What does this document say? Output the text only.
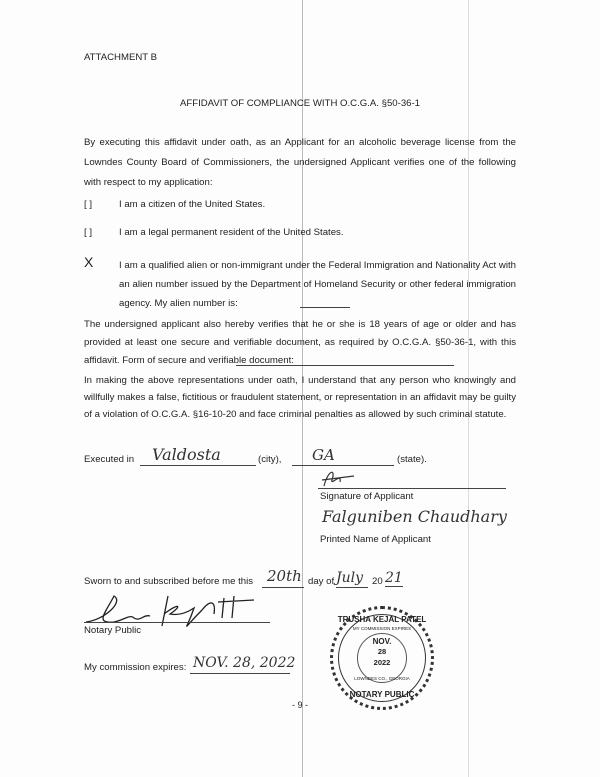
ATTACHMENT B
AFFIDAVIT OF COMPLIANCE WITH O.C.G.A. §50-36-1
By executing this affidavit under oath, as an Applicant for an alcoholic beverage license from the Lowndes County Board of Commissioners, the undersigned Applicant verifies one of the following with respect to my application:
[ ]	I am a citizen of the United States.
[ ]	I am a legal permanent resident of the United States.
X	I am a qualified alien or non-immigrant under the Federal Immigration and Nationality Act with an alien number issued by the Department of Homeland Security or other federal immigration agency. My alien number is:
The undersigned applicant also hereby verifies that he or she is 18 years of age or older and has provided at least one secure and verifiable document, as required by O.C.G.A. §50-36-1, with this affidavit. Form of secure and verifiable document:
In making the above representations under oath, I understand that any person who knowingly and willfully makes a false, fictitious or fraudulent statement, or representation in an affidavit may be guilty of a violation of O.C.G.A. §16-10-20 and face criminal penalties as allowed by such criminal statute.
Executed in Valdosta	(city), GA	(state).
Signature of Applicant
Falguniben Chaudhary
Printed Name of Applicant
Sworn to and subscribed before me this 20th day of July 20 21
Notary Public
My commission expires: NOV. 28, 2022
TRUSHA KEJAL PATEL
MY COMMISSION EXPIRES
NOV.
28
2022
LOWNDES CO., GEORGIA
NOTARY PUBLIC
- 9 -
